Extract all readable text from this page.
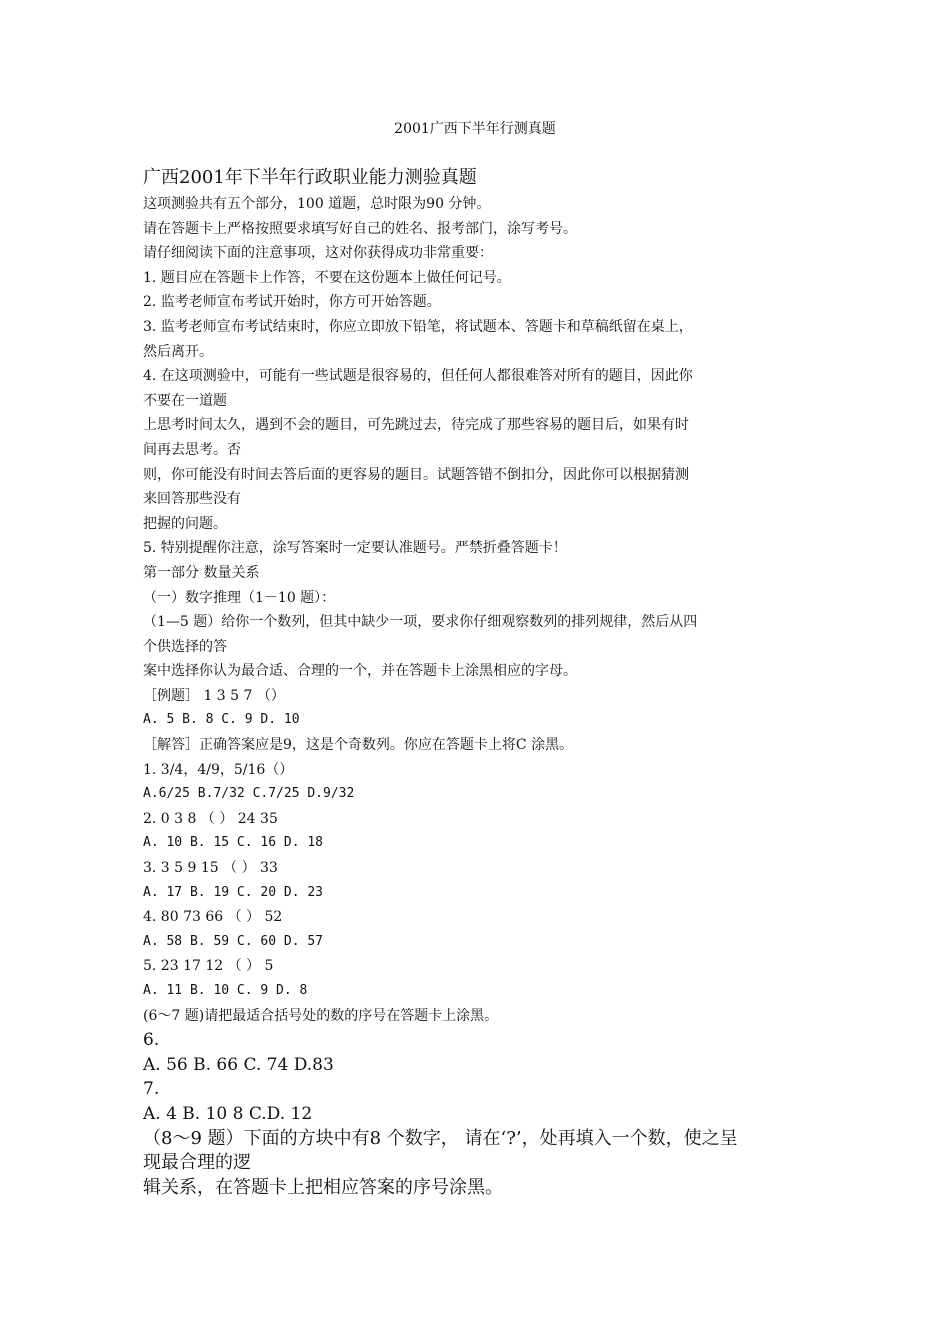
2001广西下半年行测真题
广西2001年下半年行政职业能力测验真题
这项测验共有五个部分，100 道题，总时限为90 分钟。
请在答题卡上严格按照要求填写好自己的姓名、报考部门，涂写考号。
请仔细阅读下面的注意事项，这对你获得成功非常重要：
1. 题目应在答题卡上作答，不要在这份题本上做任何记号。
2. 监考老师宣布考试开始时，你方可开始答题。
3. 监考老师宣布考试结束时，你应立即放下铅笔，将试题本、答题卡和草稿纸留在桌上，
然后离开。
4. 在这项测验中，可能有一些试题是很容易的，但任何人都很难答对所有的题目，因此你
不要在一道题
上思考时间太久，遇到不会的题目，可先跳过去，待完成了那些容易的题目后，如果有时
间再去思考。否
则，你可能没有时间去答后面的更容易的题目。试题答错不倒扣分，因此你可以根据猜测
来回答那些没有
把握的问题。
5. 特别提醒你注意，涂写答案时一定要认准题号。严禁折叠答题卡！
第一部分 数量关系
（一）数字推理（1－10 题）：
（1—5 题）给你一个数列，但其中缺少一项，要求你仔细观察数列的排列规律，然后从四
个供选择的答
案中选择你认为最合适、合理的一个，并在答题卡上涂黑相应的字母。
［例题］ 1 3 5 7 （）
A. 5 B. 8 C. 9 D. 10
［解答］正确答案应是9，这是个奇数列。你应在答题卡上将C 涂黑。
1. 3/4，4/9，5/16（）
A.6/25 B.7/32 C.7/25 D.9/32
2. 0 3 8 （ ） 24 35
A. 10 B. 15 C. 16 D. 18
3. 3 5 9 15 （ ） 33
A. 17 B. 19 C. 20 D. 23
4. 80 73 66 （ ） 52
A. 58 B. 59 C. 60 D. 57
5. 23 17 12 （ ） 5
A. 11 B. 10 C. 9 D. 8
(6～7 题)请把最适合括号处的数的序号在答题卡上涂黑。
6.
A. 56 B. 66 C. 74 D.83
7.
A. 4 B. 10 8 C.D. 12
（8～9 题）下面的方块中有8 个数字， 请在‘?’，处再填入一个数，使之呈
现最合理的逻
辑关系，在答题卡上把相应答案的序号涂黑。
